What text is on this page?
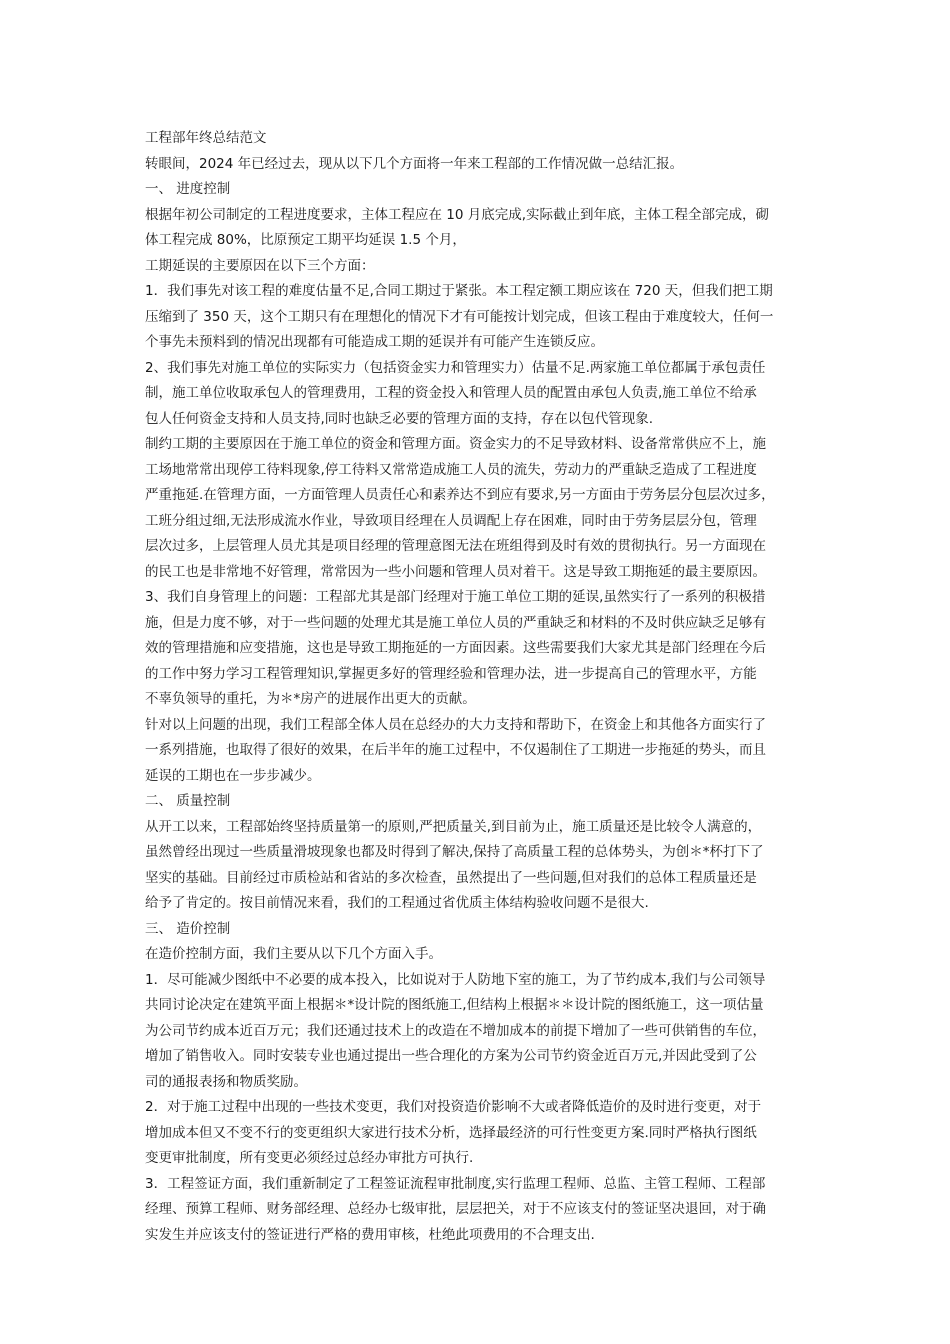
工程部年终总结范文
转眼间，2024 年已经过去，现从以下几个方面将一年来工程部的工作情况做一总结汇报。
一、 进度控制
根据年初公司制定的工程进度要求，主体工程应在 10 月底完成,实际截止到年底，主体工程全部完成，砌
体工程完成 80%，比原预定工期平均延误 1.5 个月，
工期延误的主要原因在以下三个方面：
1．我们事先对该工程的难度估量不足,合同工期过于紧张。本工程定额工期应该在 720 天，但我们把工期
压缩到了 350 天，这个工期只有在理想化的情况下才有可能按计划完成，但该工程由于难度较大，任何一
个事先未预料到的情况出现都有可能造成工期的延误并有可能产生连锁反应。
2、我们事先对施工单位的实际实力（包括资金实力和管理实力）估量不足.两家施工单位都属于承包责任
制，施工单位收取承包人的管理费用，工程的资金投入和管理人员的配置由承包人负责,施工单位不给承
包人任何资金支持和人员支持,同时也缺乏必要的管理方面的支持，存在以包代管现象.
制约工期的主要原因在于施工单位的资金和管理方面。资金实力的不足导致材料、设备常常供应不上，施
工场地常常出现停工待料现象,停工待料又常常造成施工人员的流失，劳动力的严重缺乏造成了工程进度
严重拖延.在管理方面，一方面管理人员责任心和素养达不到应有要求,另一方面由于劳务层分包层次过多，
工班分组过细,无法形成流水作业，导致项目经理在人员调配上存在困难，同时由于劳务层层分包，管理
层次过多，上层管理人员尤其是项目经理的管理意图无法在班组得到及时有效的贯彻执行。另一方面现在
的民工也是非常地不好管理，常常因为一些小问题和管理人员对着干。这是导致工期拖延的最主要原因。
3、我们自身管理上的问题：工程部尤其是部门经理对于施工单位工期的延误,虽然实行了一系列的积极措
施，但是力度不够，对于一些问题的处理尤其是施工单位人员的严重缺乏和材料的不及时供应缺乏足够有
效的管理措施和应变措施，这也是导致工期拖延的一方面因素。这些需要我们大家尤其是部门经理在今后
的工作中努力学习工程管理知识,掌握更多好的管理经验和管理办法，进一步提高自己的管理水平，方能
不辜负领导的重托，为＊*房产的进展作出更大的贡献。
针对以上问题的出现，我们工程部全体人员在总经办的大力支持和帮助下，在资金上和其他各方面实行了
一系列措施，也取得了很好的效果，在后半年的施工过程中，不仅遏制住了工期进一步拖延的势头，而且
延误的工期也在一步步减少。
二、 质量控制
从开工以来，工程部始终坚持质量第一的原则,严把质量关,到目前为止，施工质量还是比较令人满意的，
虽然曾经出现过一些质量滑坡现象也都及时得到了解决,保持了高质量工程的总体势头，为创＊*杯打下了
坚实的基础。目前经过市质检站和省站的多次检查，虽然提出了一些问题,但对我们的总体工程质量还是
给予了肯定的。按目前情况来看，我们的工程通过省优质主体结构验收问题不是很大.
三、 造价控制
在造价控制方面，我们主要从以下几个方面入手。
1．尽可能减少图纸中不必要的成本投入，比如说对于人防地下室的施工，为了节约成本,我们与公司领导
共同讨论决定在建筑平面上根据＊*设计院的图纸施工,但结构上根据＊＊设计院的图纸施工，这一项估量
为公司节约成本近百万元；我们还通过技术上的改造在不增加成本的前提下增加了一些可供销售的车位，
增加了销售收入。同时安装专业也通过提出一些合理化的方案为公司节约资金近百万元,并因此受到了公
司的通报表扬和物质奖励。
2．对于施工过程中出现的一些技术变更，我们对投资造价影响不大或者降低造价的及时进行变更，对于
增加成本但又不变不行的变更组织大家进行技术分析，选择最经济的可行性变更方案.同时严格执行图纸
变更审批制度，所有变更必须经过总经办审批方可执行.
3．工程签证方面，我们重新制定了工程签证流程审批制度,实行监理工程师、总监、主管工程师、工程部
经理、预算工程师、财务部经理、总经办七级审批，层层把关，对于不应该支付的签证坚决退回，对于确
实发生并应该支付的签证进行严格的费用审核，杜绝此项费用的不合理支出.
